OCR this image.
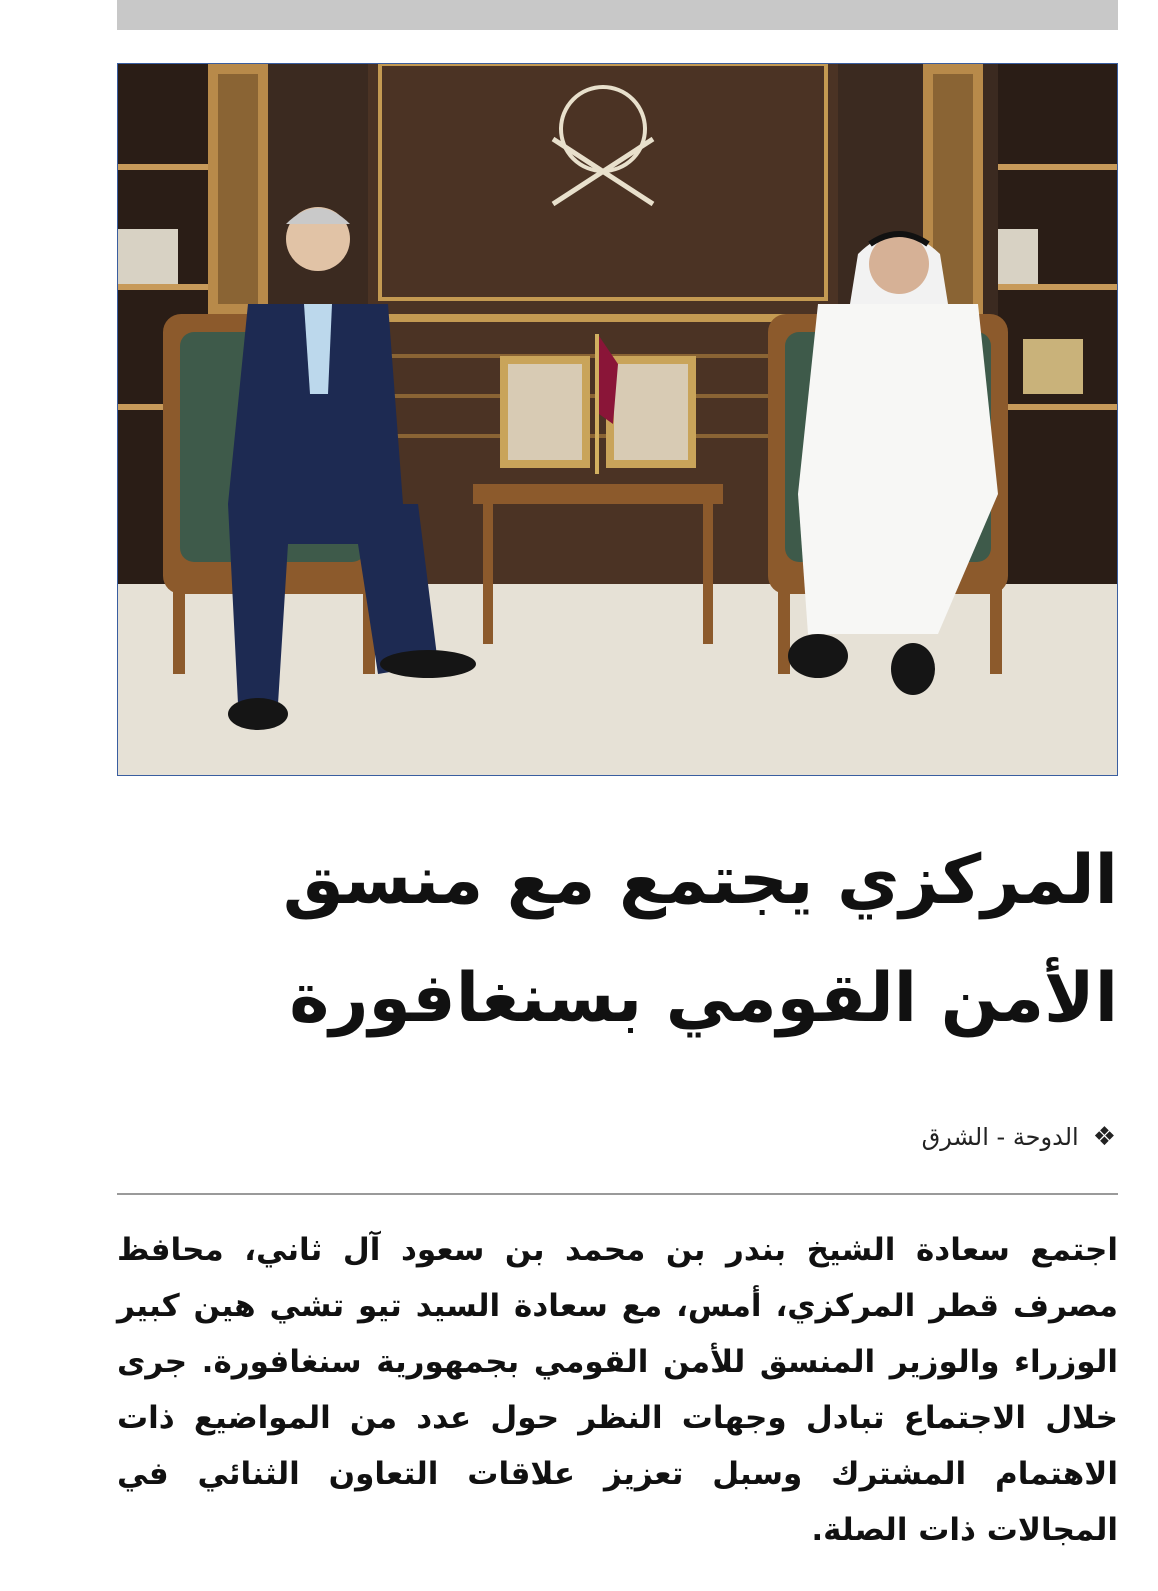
المركزي يجتمع مع منسق الأمن القومي بسنغافورة
❖الدوحة - الشرق

اجتمع سعادة الشيخ بندر بن محمد بن سعود آل ثاني، محافظ مصرف قطر المركزي، أمس، مع سعادة السيد تيو تشي هين كبير الوزراء والوزير المنسق للأمن القومي بجمهورية سنغافورة. جرى خلال الاجتماع تبادل وجهات النظر حول عدد من المواضيع ذات الاهتمام المشترك وسبل تعزيز علاقات التعاون الثنائي في المجالات ذات الصلة.
